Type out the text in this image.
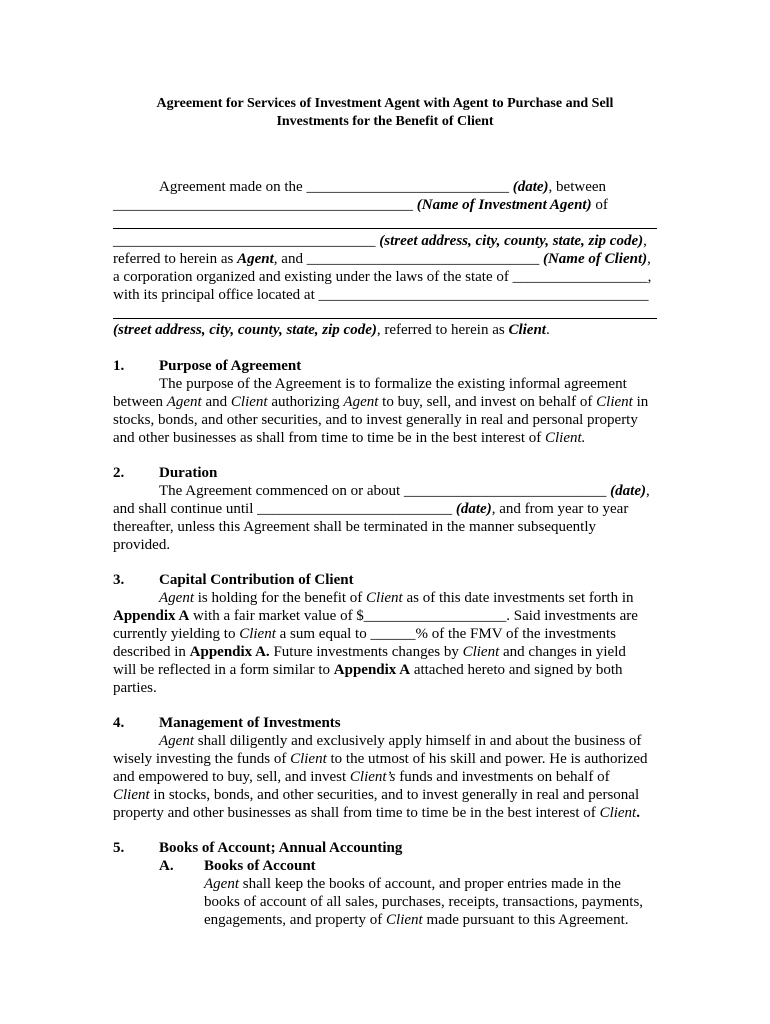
Agreement for Services of Investment Agent with Agent to Purchase and Sell
Investments for the Benefit of Client
Agreement made on the ___________________________ (date), between
________________________________________ (Name of Investment Agent) of
___________________________________ (street address, city, county, state, zip code),
referred to herein as Agent, and _______________________________ (Name of Client),
a corporation organized and existing under the laws of the state of __________________,
with its principal office located at ____________________________________________
(street address, city, county, state, zip code), referred to herein as Client.
1. Purpose of Agreement
The purpose of the Agreement is to formalize the existing informal agreement
between Agent and Client authorizing Agent to buy, sell, and invest on behalf of Client in
stocks, bonds, and other securities, and to invest generally in real and personal property
and other businesses as shall from time to time be in the best interest of Client.
2. Duration
The Agreement commenced on or about ___________________________ (date),
and shall continue until __________________________ (date), and from year to year
thereafter, unless this Agreement shall be terminated in the manner subsequently
provided.
3. Capital Contribution of Client
Agent is holding for the benefit of Client as of this date investments set forth in
Appendix A with a fair market value of $___________________. Said investments are
currently yielding to Client a sum equal to ______% of the FMV of the investments
described in Appendix A. Future investments changes by Client and changes in yield
will be reflected in a form similar to Appendix A attached hereto and signed by both
parties.
4. Management of Investments
Agent shall diligently and exclusively apply himself in and about the business of
wisely investing the funds of Client to the utmost of his skill and power. He is authorized
and empowered to buy, sell, and invest Client’s funds and investments on behalf of
Client in stocks, bonds, and other securities, and to invest generally in real and personal
property and other businesses as shall from time to time be in the best interest of Client.
5. Books of Account; Annual Accounting
A. Books of Account
Agent shall keep the books of account, and proper entries made in the
books of account of all sales, purchases, receipts, transactions, payments,
engagements, and property of Client made pursuant to this Agreement.
